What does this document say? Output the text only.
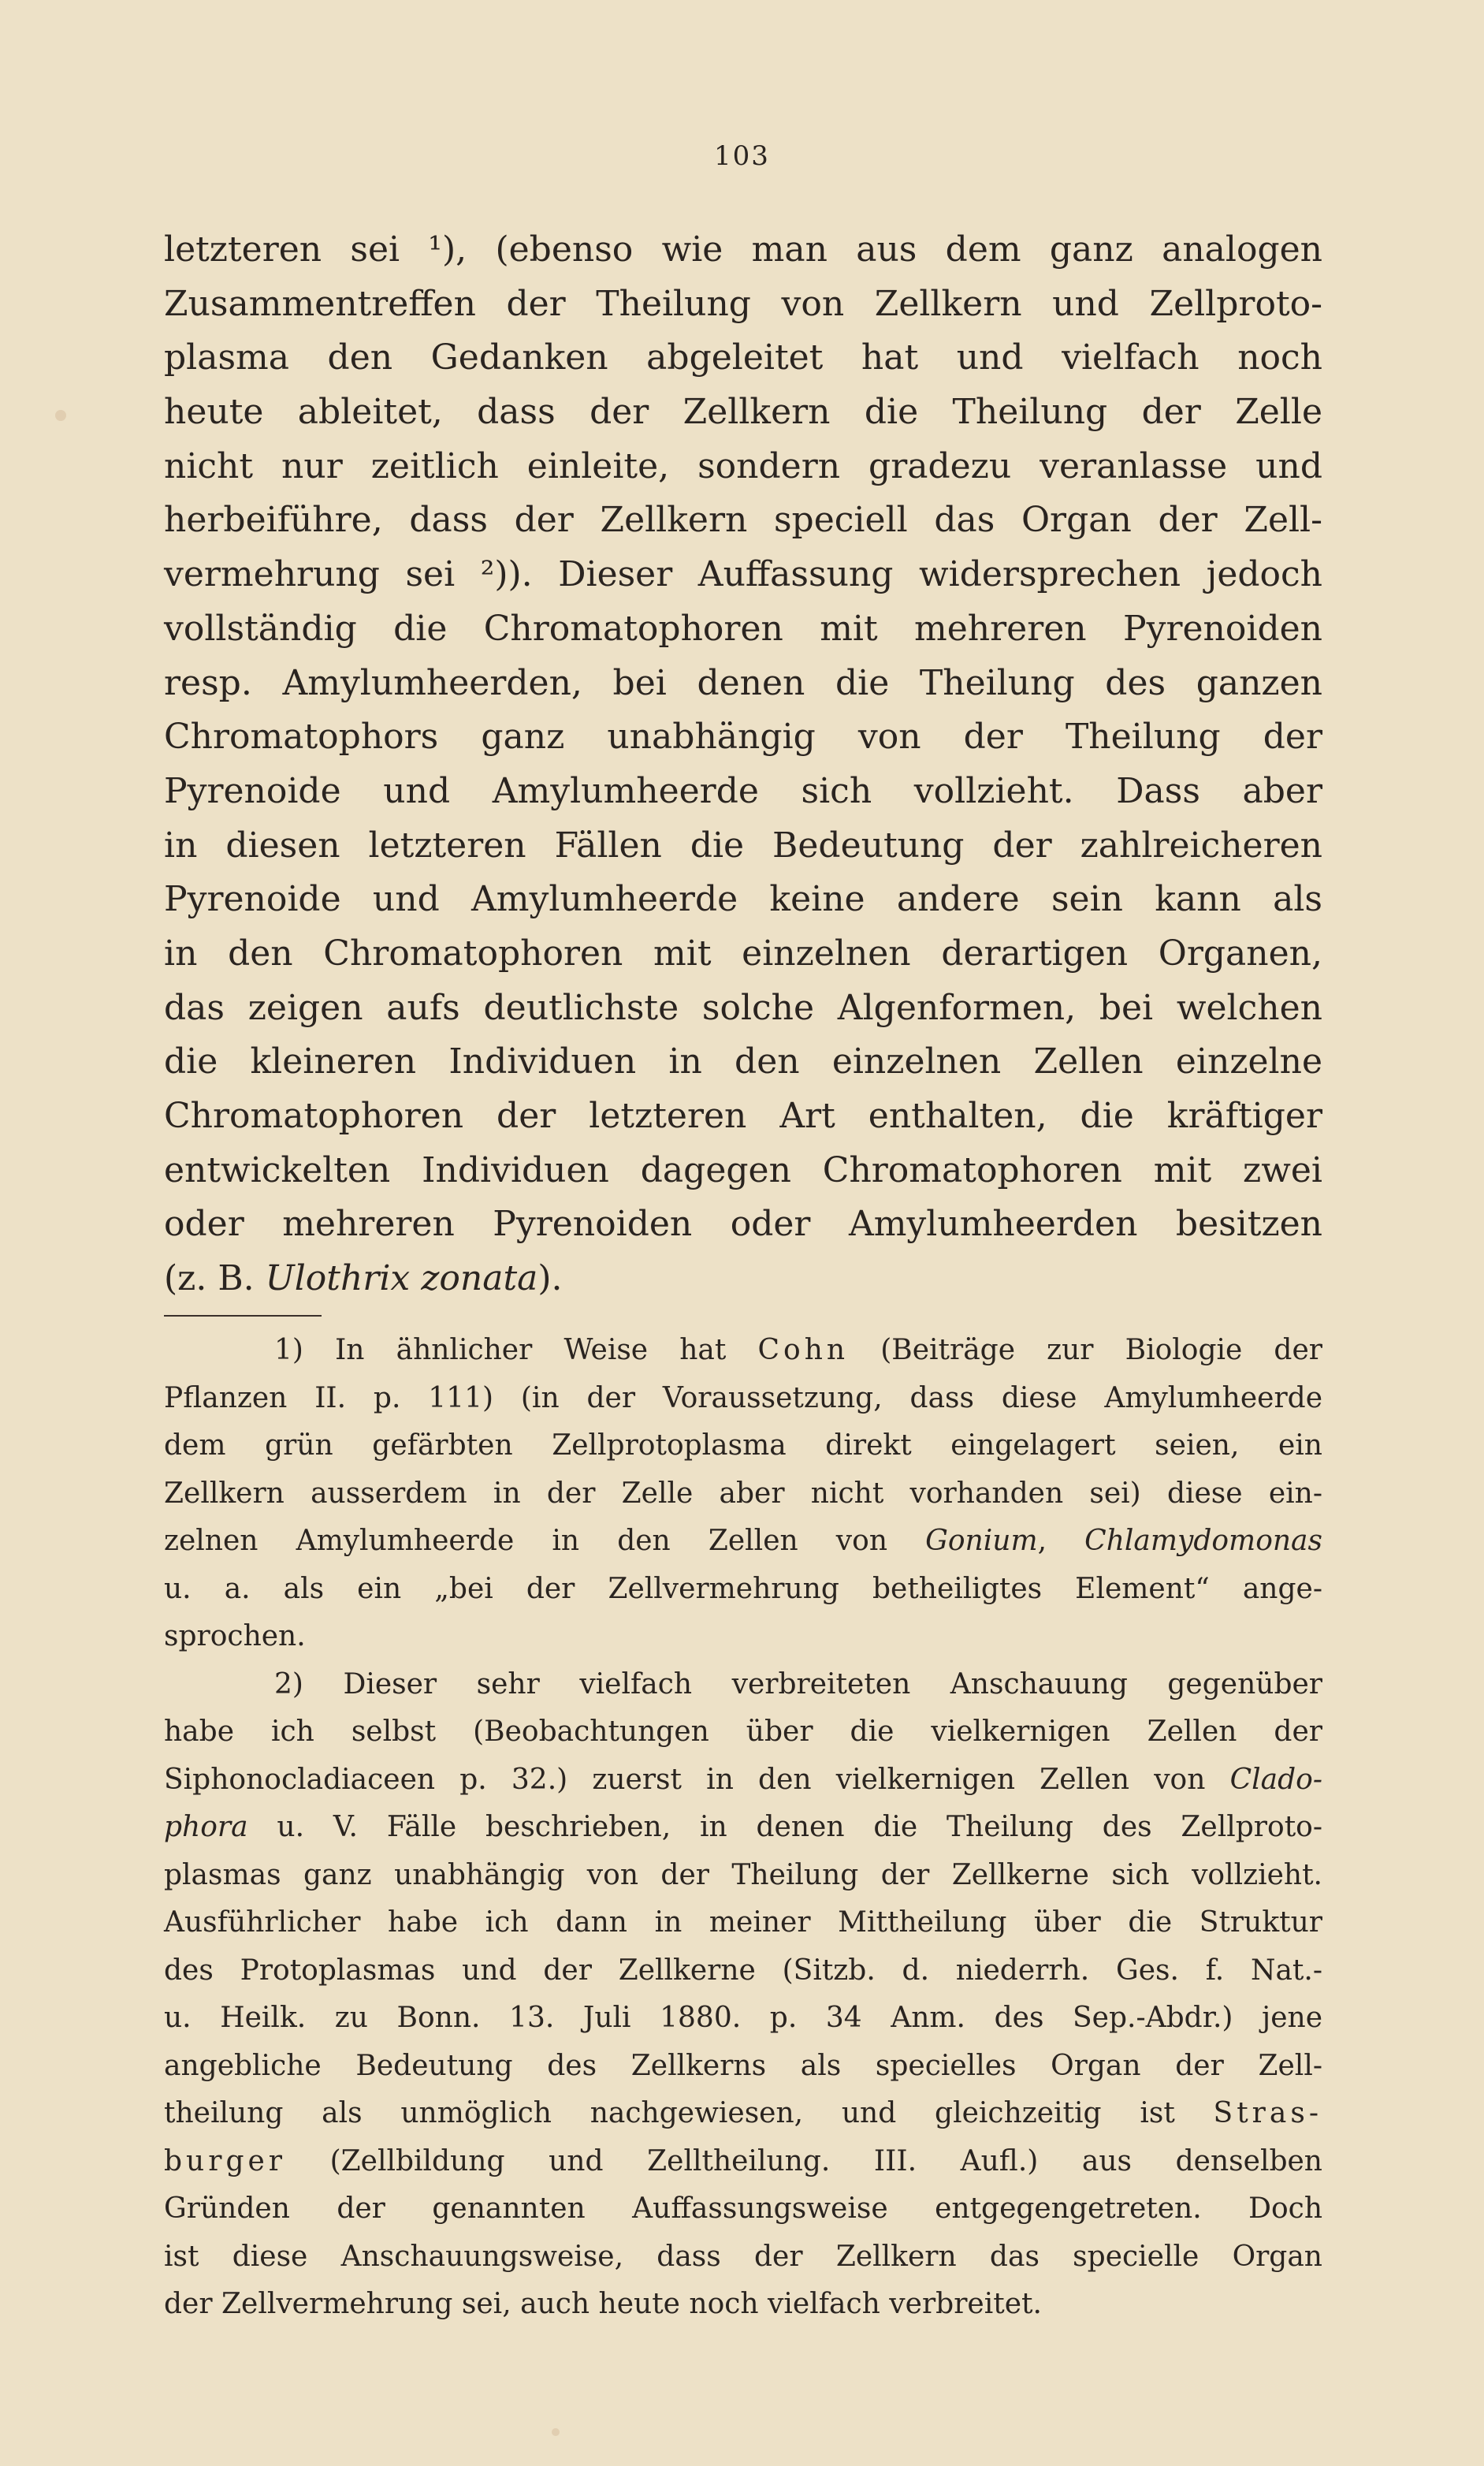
103
letzteren sei ¹), (ebenso wie man aus dem ganz analogen
Zusammentreffen der Theilung von Zellkern und Zellproto-
plasma den Gedanken abgeleitet hat und vielfach noch
heute ableitet, dass der Zellkern die Theilung der Zelle
nicht nur zeitlich einleite, sondern gradezu veranlasse und
herbeiführe, dass der Zellkern speciell das Organ der Zell-
vermehrung sei ²)). Dieser Auffassung widersprechen jedoch
vollständig die Chromatophoren mit mehreren Pyrenoiden
resp. Amylumheerden, bei denen die Theilung des ganzen
Chromatophors ganz unabhängig von der Theilung der
Pyrenoide und Amylumheerde sich vollzieht. Dass aber
in diesen letzteren Fällen die Bedeutung der zahlreicheren
Pyrenoide und Amylumheerde keine andere sein kann als
in den Chromatophoren mit einzelnen derartigen Organen,
das zeigen aufs deutlichste solche Algenformen, bei welchen
die kleineren Individuen in den einzelnen Zellen einzelne
Chromatophoren der letzteren Art enthalten, die kräftiger
entwickelten Individuen dagegen Chromatophoren mit zwei
oder mehreren Pyrenoiden oder Amylumheerden besitzen
(z. B. Ulothrix zonata).
1) In ähnlicher Weise hat Cohn (Beiträge zur Biologie der
Pflanzen II. p. 111) (in der Voraussetzung, dass diese Amylumheerde
dem grün gefärbten Zellprotoplasma direkt eingelagert seien, ein
Zellkern ausserdem in der Zelle aber nicht vorhanden sei) diese ein-
zelnen Amylumheerde in den Zellen von Gonium, Chlamydomonas
u. a. als ein „bei der Zellvermehrung betheiligtes Element“ ange-
sprochen.
2) Dieser sehr vielfach verbreiteten Anschauung gegenüber
habe ich selbst (Beobachtungen über die vielkernigen Zellen der
Siphonocladiaceen p. 32.) zuerst in den vielkernigen Zellen von Clado-
phora u. V. Fälle beschrieben, in denen die Theilung des Zellproto-
plasmas ganz unabhängig von der Theilung der Zellkerne sich vollzieht.
Ausführlicher habe ich dann in meiner Mittheilung über die Struktur
des Protoplasmas und der Zellkerne (Sitzb. d. niederrh. Ges. f. Nat.-
u. Heilk. zu Bonn. 13. Juli 1880. p. 34 Anm. des Sep.-Abdr.) jene
angebliche Bedeutung des Zellkerns als specielles Organ der Zell-
theilung als unmöglich nachgewiesen, und gleichzeitig ist Stras-
burger (Zellbildung und Zelltheilung. III. Aufl.) aus denselben
Gründen der genannten Auffassungsweise entgegengetreten. Doch
ist diese Anschauungsweise, dass der Zellkern das specielle Organ
der Zellvermehrung sei, auch heute noch vielfach verbreitet.
